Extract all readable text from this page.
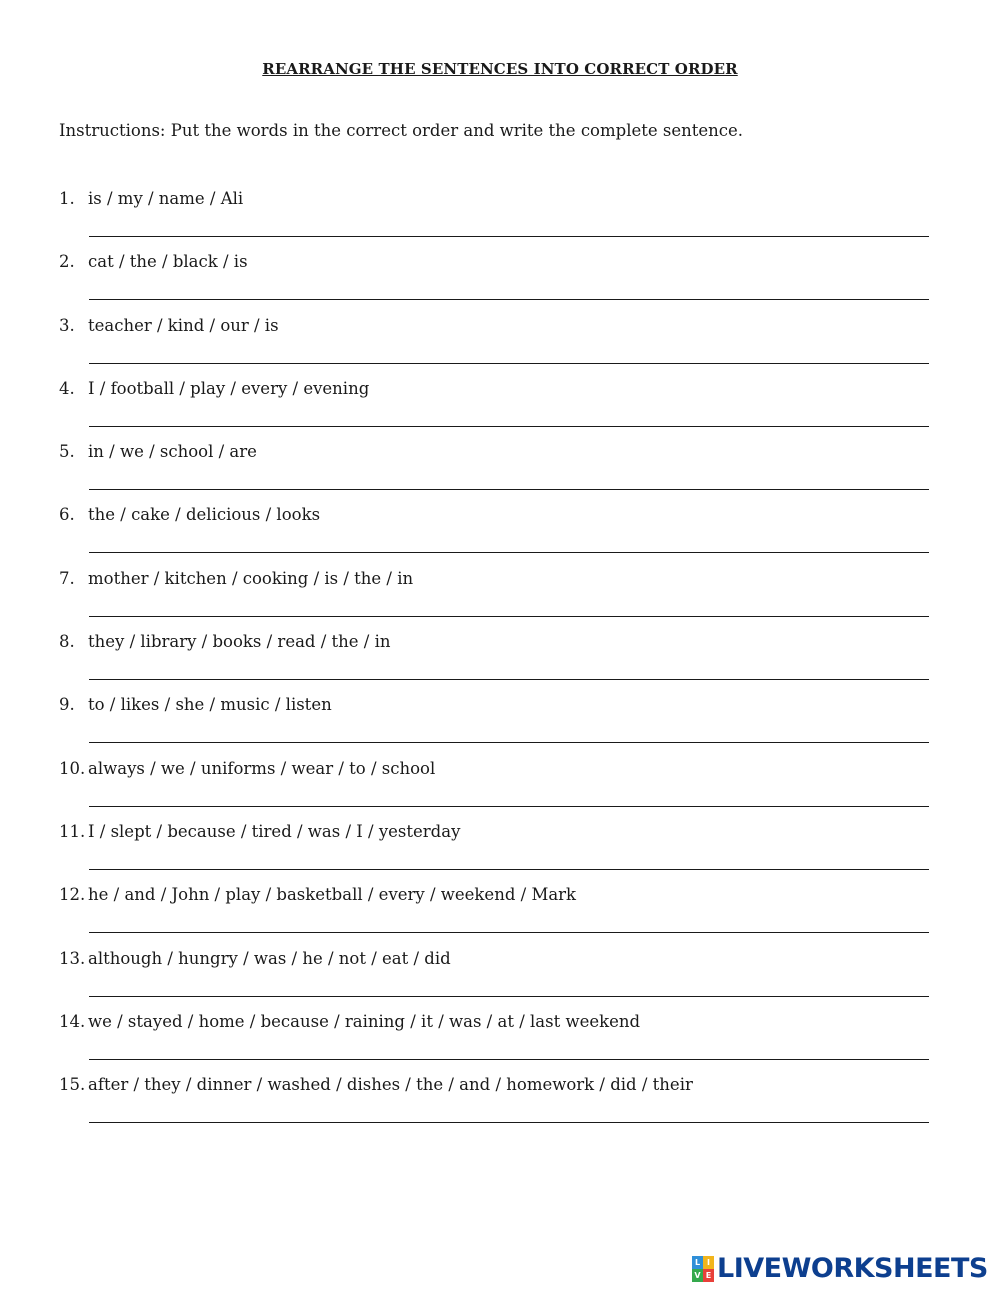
REARRANGE THE SENTENCES INTO CORRECT ORDER
Instructions: Put the words in the correct order and write the complete sentence.
1. is / my / name / Ali
2. cat / the / black / is
3. teacher / kind / our / is
4. I / football / play / every / evening
5. in / we / school / are
6. the / cake / delicious / looks
7. mother / kitchen / cooking / is / the / in
8. they / library / books / read / the / in
9. to / likes / she / music / listen
10. always / we / uniforms / wear / to / school
11. I / slept / because / tired / was / I / yesterday
12. he / and / John / play / basketball / every / weekend / Mark
13. although / hungry / was / he / not / eat / did
14. we / stayed / home / because / raining / it / was / at / last weekend
15. after / they / dinner / washed / dishes / the / and / homework / did / their
L I
V E LIVEWORKSHEETS
